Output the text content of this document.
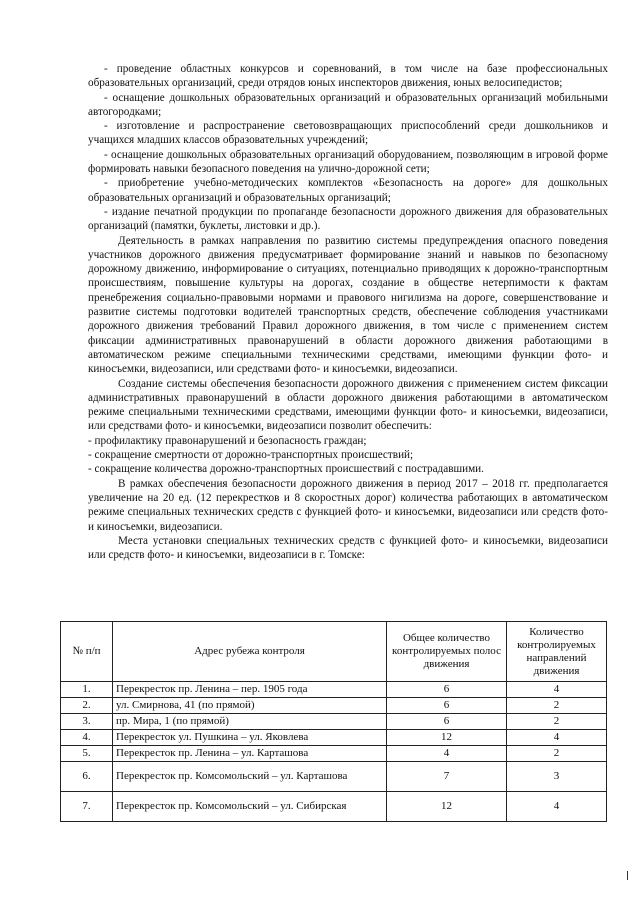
- проведение областных конкурсов и соревнований, в том числе на базе профессиональных образовательных организаций, среди отрядов юных инспекторов движения, юных велосипедистов;

- оснащение дошкольных образовательных организаций и образовательных организаций мобильными автогородками;

- изготовление и распространение световозвращающих приспособлений среди дошкольников и учащихся младших классов образовательных учреждений;

- оснащение дошкольных образовательных организаций оборудованием, позволяющим в игровой форме формировать навыки безопасного поведения на улично-дорожной сети;

- приобретение учебно-методических комплектов «Безопасность на дороге» для дошкольных образовательных организаций и образовательных организаций;

- издание печатной продукции по пропаганде безопасности дорожного движения для образовательных организаций (памятки, буклеты, листовки и др.).

Деятельность в рамках направления по развитию системы предупреждения опасного поведения участников дорожного движения предусматривает формирование знаний и навыков по безопасному дорожному движению, информирование о ситуациях, потенциально приводящих к дорожно-транспортным происшествиям, повышение культуры на дорогах, создание в обществе нетерпимости к фактам пренебрежения социально-правовыми нормами и правового нигилизма на дороге, совершенствование и развитие системы подготовки водителей транспортных средств, обеспечение соблюдения участниками дорожного движения требований Правил дорожного движения, в том числе с применением систем фиксации административных правонарушений в области дорожного движения работающими в автоматическом режиме специальными техническими средствами, имеющими функции фото- и киносъемки, видеозаписи, или средствами фото- и киносъемки, видеозаписи.

Создание системы обеспечения безопасности дорожного движения с применением систем фиксации административных правонарушений в области дорожного движения работающими в автоматическом режиме специальными техническими средствами, имеющими функции фото- и киносъемки, видеозаписи, или средствами фото- и киносъемки, видеозаписи позволит обеспечить:

- профилактику правонарушений и безопасность граждан;

- сокращение смертности от дорожно-транспортных происшествий;

- сокращение количества дорожно-транспортных происшествий с пострадавшими.

В рамках обеспечения безопасности дорожного движения в период 2017 – 2018 гг. предполагается увеличение на 20 ед. (12 перекрестков и 8 скоростных дорог) количества работающих в автоматическом режиме специальных технических средств с функцией фото- и киносъемки, видеозаписи или средств фото- и киносъемки, видеозаписи.

Места установки специальных технических средств с функцией фото- и киносъемки, видеозаписи или средств фото- и киносъемки, видеозаписи в г. Томске:

№ п/п	Адрес рубежа контроля	Общее количество контролируемых полос движения	Количество контролируемых направлений движения
1.	Перекресток пр. Ленина – пер. 1905 года	6	4
2.	ул. Смирнова, 41 (по прямой)	6	2
3.	пр. Мира, 1 (по прямой)	6	2
4.	Перекресток ул. Пушкина – ул. Яковлева	12	4
5.	Перекресток пр. Ленина – ул. Карташова	4	2
6.	Перекресток пр. Комсомольский – ул. Карташова	7	3
7.	Перекресток пр. Комсомольский – ул. Сибирская	12	4
